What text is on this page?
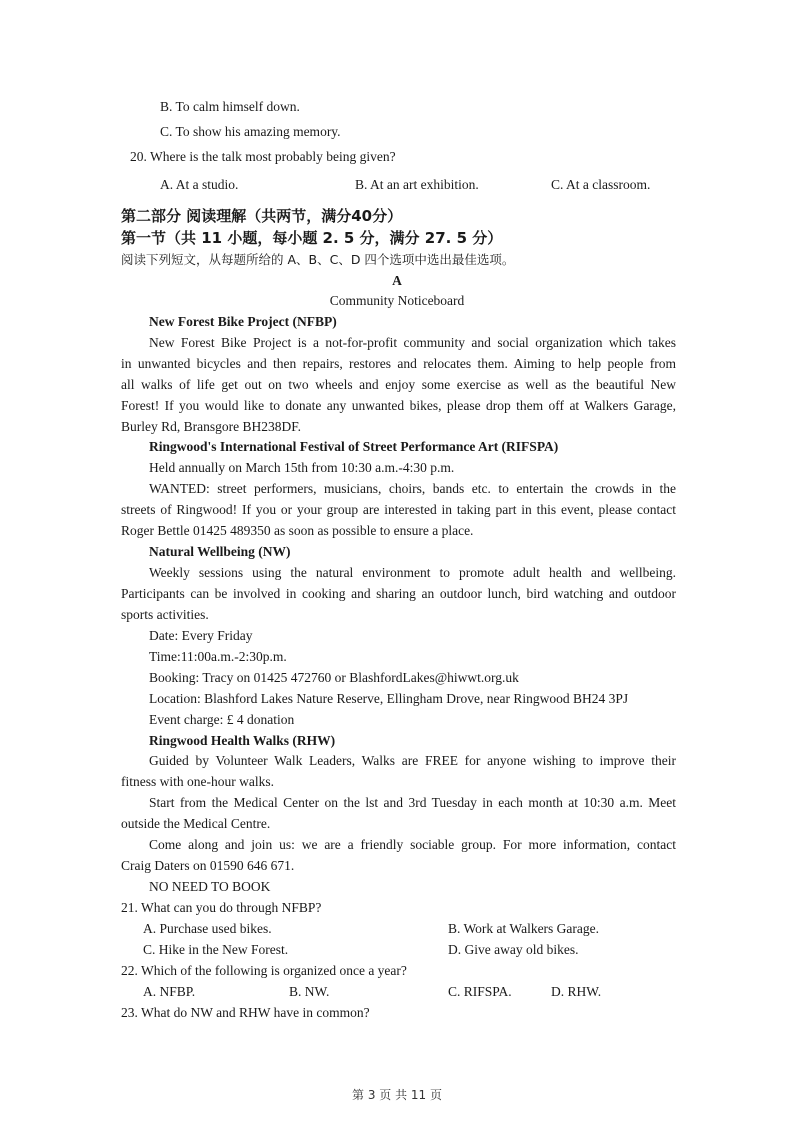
B. To calm himself down.
C. To show his amazing memory.
20. Where is the talk most probably being given?
A. At a studio.	B. At an art exhibition.	C. At a classroom.
第二部分 阅读理解（共两节，满分40分）
第一节（共 11 小题，每小题 2. 5 分，满分 27. 5 分）
阅读下列短文，从每题所给的 A、B、C、D 四个选项中选出最佳选项。
A
Community Noticeboard
New Forest Bike Project (NFBP)
New Forest Bike Project is a not-for-profit community and social organization which takes
in unwanted bicycles and then repairs, restores and relocates them. Aiming to help people from
all walks of life get out on two wheels and enjoy some exercise as well as the beautiful New
Forest! If you would like to donate any unwanted bikes, please drop them off at Walkers Garage,
Burley Rd, Bransgore BH238DF.
Ringwood's International Festival of Street Performance Art (RIFSPA)
Held annually on March 15th from 10:30 a.m.-4:30 p.m.
WANTED: street performers, musicians, choirs, bands etc. to entertain the crowds in the
streets of Ringwood! If you or your group are interested in taking part in this event, please contact
Roger Bettle 01425 489350 as soon as possible to ensure a place.
Natural Wellbeing (NW)
Weekly sessions using the natural environment to promote adult health and wellbeing.
Participants can be involved in cooking and sharing an outdoor lunch, bird watching and outdoor
sports activities.
Date: Every Friday
Time:11:00a.m.-2:30p.m.
Booking: Tracy on 01425 472760 or BlashfordLakes@hiwwt.org.uk
Location: Blashford Lakes Nature Reserve, Ellingham Drove, near Ringwood BH24 3PJ
Event charge: £ 4 donation
Ringwood Health Walks (RHW)
Guided by Volunteer Walk Leaders, Walks are FREE for anyone wishing to improve their
fitness with one-hour walks.
Start from the Medical Center on the lst and 3rd Tuesday in each month at 10:30 a.m. Meet
outside the Medical Centre.
Come along and join us: we are a friendly sociable group. For more information, contact
Craig Daters on 01590 646 671.
NO NEED TO BOOK
21. What can you do through NFBP?
A. Purchase used bikes.	B. Work at Walkers Garage.
C. Hike in the New Forest.	D. Give away old bikes.
22. Which of the following is organized once a year?
A. NFBP.	B. NW.	C. RIFSPA.	D. RHW.
23. What do NW and RHW have in common?
第 3 页 共 11 页
